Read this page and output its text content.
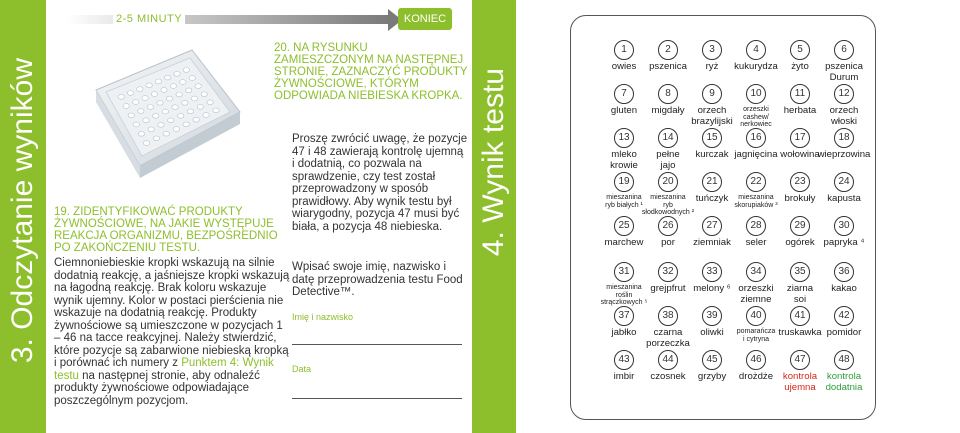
3. Odczytanie wyników
2-5 MINUTY	KONIEC
19. ZIDENTYFIKOWAĆ PRODUKTY ŻYWNOŚCIOWE, NA JAKIE WYSTĘPUJE REAKCJA ORGANIZMU, BEZPOŚREDNIO PO ZAKOŃCZENIU TESTU.
Ciemnoniebieskie kropki wskazują na silnie dodatnią reakcję, a jaśniejsze kropki wskazują na łagodną reakcję. Brak koloru wskazuje wynik ujemny. Kolor w postaci pierścienia nie wskazuje na dodatnią reakcję. Produkty żywnościowe są umieszczone w pozycjach 1 – 46 na tacce reakcyjnej. Należy stwierdzić, które pozycje są zabarwione niebieską kropką i porównać ich numery z Punktem 4: Wynik testu na następnej stronie, aby odnaleźć produkty żywnościowe odpowiadające poszczególnym pozycjom.
20. NA RYSUNKU ZAMIESZCZONYM NA NASTĘPNEJ STRONIE, ZAZNACZYĆ PRODUKTY ŻYWNOŚCIOWE, KTÓRYM ODPOWIADA NIEBIESKA KROPKA.
Proszę zwrócić uwagę, że pozycje 47 i 48 zawierają kontrolę ujemną i dodatnią, co pozwala na sprawdzenie, czy test został przeprowadzony w sposób prawidłowy. Aby wynik testu był wiarygodny, pozycja 47 musi być biała, a pozycja 48 niebieska.
Wpisać swoje imię, nazwisko i datę przeprowadzenia testu Food Detective™.
Imię i nazwisko
Data
4. Wynik testu
1
owies
2
pszenica
3
ryż
4
kukurydza
5
żyto
6
pszenica
Durum
7
gluten
8
migdały
9
orzech
brazylijski
10
orzeszki
cashew/
nerkowiec
11
herbata
12
orzech
włoski
13
mleko
krowie
14
pełne
jajo
15
kurczak
16
jagnięcina
17
wołowina
18
wieprzowina
19
mieszanina
ryb białych ¹
20
mieszanina
ryb
słodkowodnych ²
21
tuńczyk
22
mieszanina
skorupiaków ³
23
brokuły
24
kapusta
25
marchew
26
por
27
ziemniak
28
seler
29
ogórek
30
papryka ⁴
31
mieszanina
roślin
strączkowych ⁵
32
grejpfrut
33
melony ⁶
34
orzeszki
ziemne
35
ziarna
soi
36
kakao
37
jabłko
38
czarna
porzeczka
39
oliwki
40
pomarańcza
i cytryna
41
truskawka
42
pomidor
43
imbir
44
czosnek
45
grzyby
46
drożdże
47
kontrola
ujemna
48
kontrola
dodatnia
